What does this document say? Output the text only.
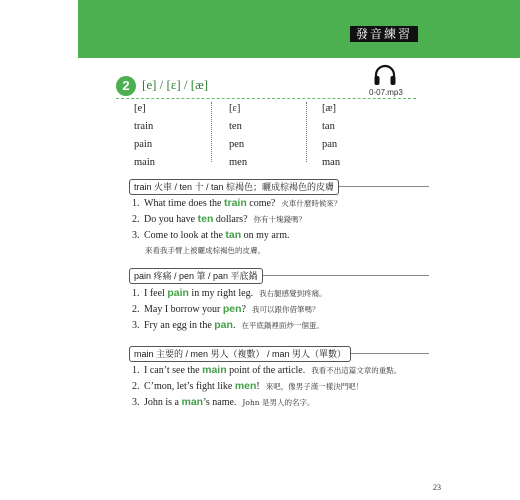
發音練習
0-07.mp3
2 [e] / [ɛ] / [æ]
[e]
train
pain
main
[ɛ]
ten
pen
men
[æ]
tan
pan
man
train 火車 / ten 十 / tan 棕褐色；曬成棕褐色的皮膚
1. What time does the train come? 火車什麼時候來？
2. Do you have ten dollars? 你有十塊錢嗎？
3. Come to look at the tan on my arm.
來看我手臂上被曬成棕褐色的皮膚。
pain 疼痛 / pen 筆 / pan 平底鍋
1. I feel pain in my right leg. 我右腿感覺到疼痛。
2. May I borrow your pen? 我可以跟你借筆嗎？
3. Fry an egg in the pan. 在平底鍋裡面炒一個蛋。
main 主要的 / men 男人（複數） / man 男人（單數）
1. I can’t see the main point of the article. 我看不出這篇文章的重點。
2. C’mon, let’s fight like men! 來吧，像男子漢一樣決鬥吧！
3. John is a man’s name. John 是男人的名字。
23
